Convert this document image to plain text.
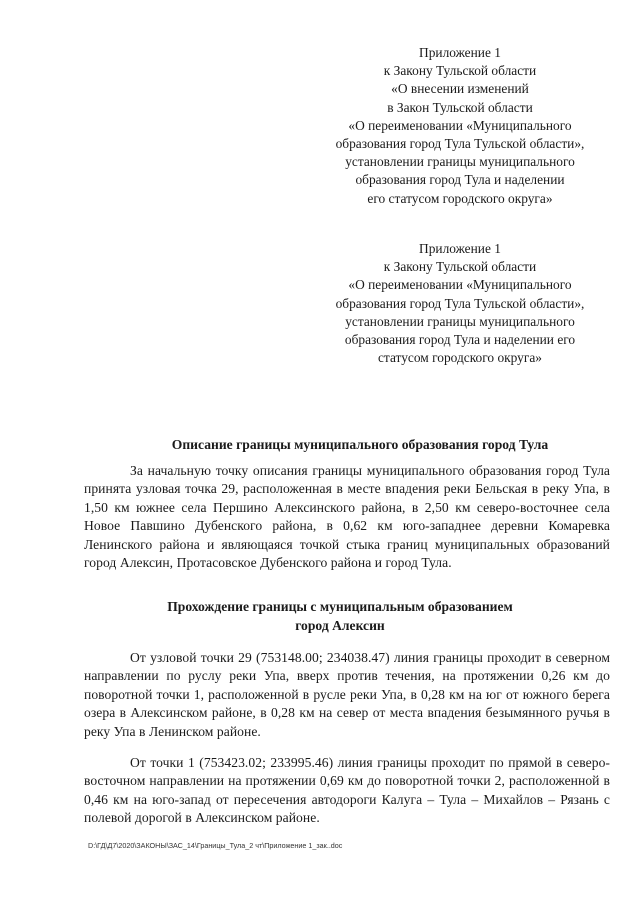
Приложение 1
к Закону Тульской области
«О внесении изменений
в Закон Тульской области
«О переименовании «Муниципального
образования город Тула Тульской области»,
установлении границы муниципального
образования город Тула и наделении
его статусом городского округа»
Приложение 1
к Закону Тульской области
«О переименовании «Муниципального
образования город Тула Тульской области»,
установлении границы муниципального
образования город Тула и наделении его
статусом городского округа»
Описание границы муниципального образования город Тула
За начальную точку описания границы муниципального образования город Тула принята узловая точка 29, расположенная в месте впадения реки Бельская в реку Упа, в 1,50 км южнее села Першино Алексинского района, в 2,50 км северо-восточнее села Новое Павшино Дубенского района, в 0,62 км юго-западнее деревни Комаревка Ленинского района и являющаяся точкой стыка границ муниципальных образований город Алексин, Протасовское Дубенского района и город Тула.
Прохождение границы с муниципальным образованием
город Алексин
От узловой точки 29 (753148.00; 234038.47) линия границы проходит в северном направлении по руслу реки Упа, вверх против течения, на протяжении 0,26 км до поворотной точки 1, расположенной в русле реки Упа, в 0,28 км на юг от южного берега озера в Алексинском районе, в 0,28 км на север от места впадения безымянного ручья в реку Упа в Ленинском районе.
От точки 1 (753423.02; 233995.46) линия границы проходит по прямой в северо-восточном направлении на протяжении 0,69 км до поворотной точки 2, расположенной в 0,46 км на юго-запад от пересечения автодороги Калуга – Тула – Михайлов – Рязань с полевой дорогой в Алексинском районе.
D:\ГД\Д7\2020\ЗАКОНЫ\ЗАС_14\Границы_Тула_2 чт\Приложение 1_зак..doc
